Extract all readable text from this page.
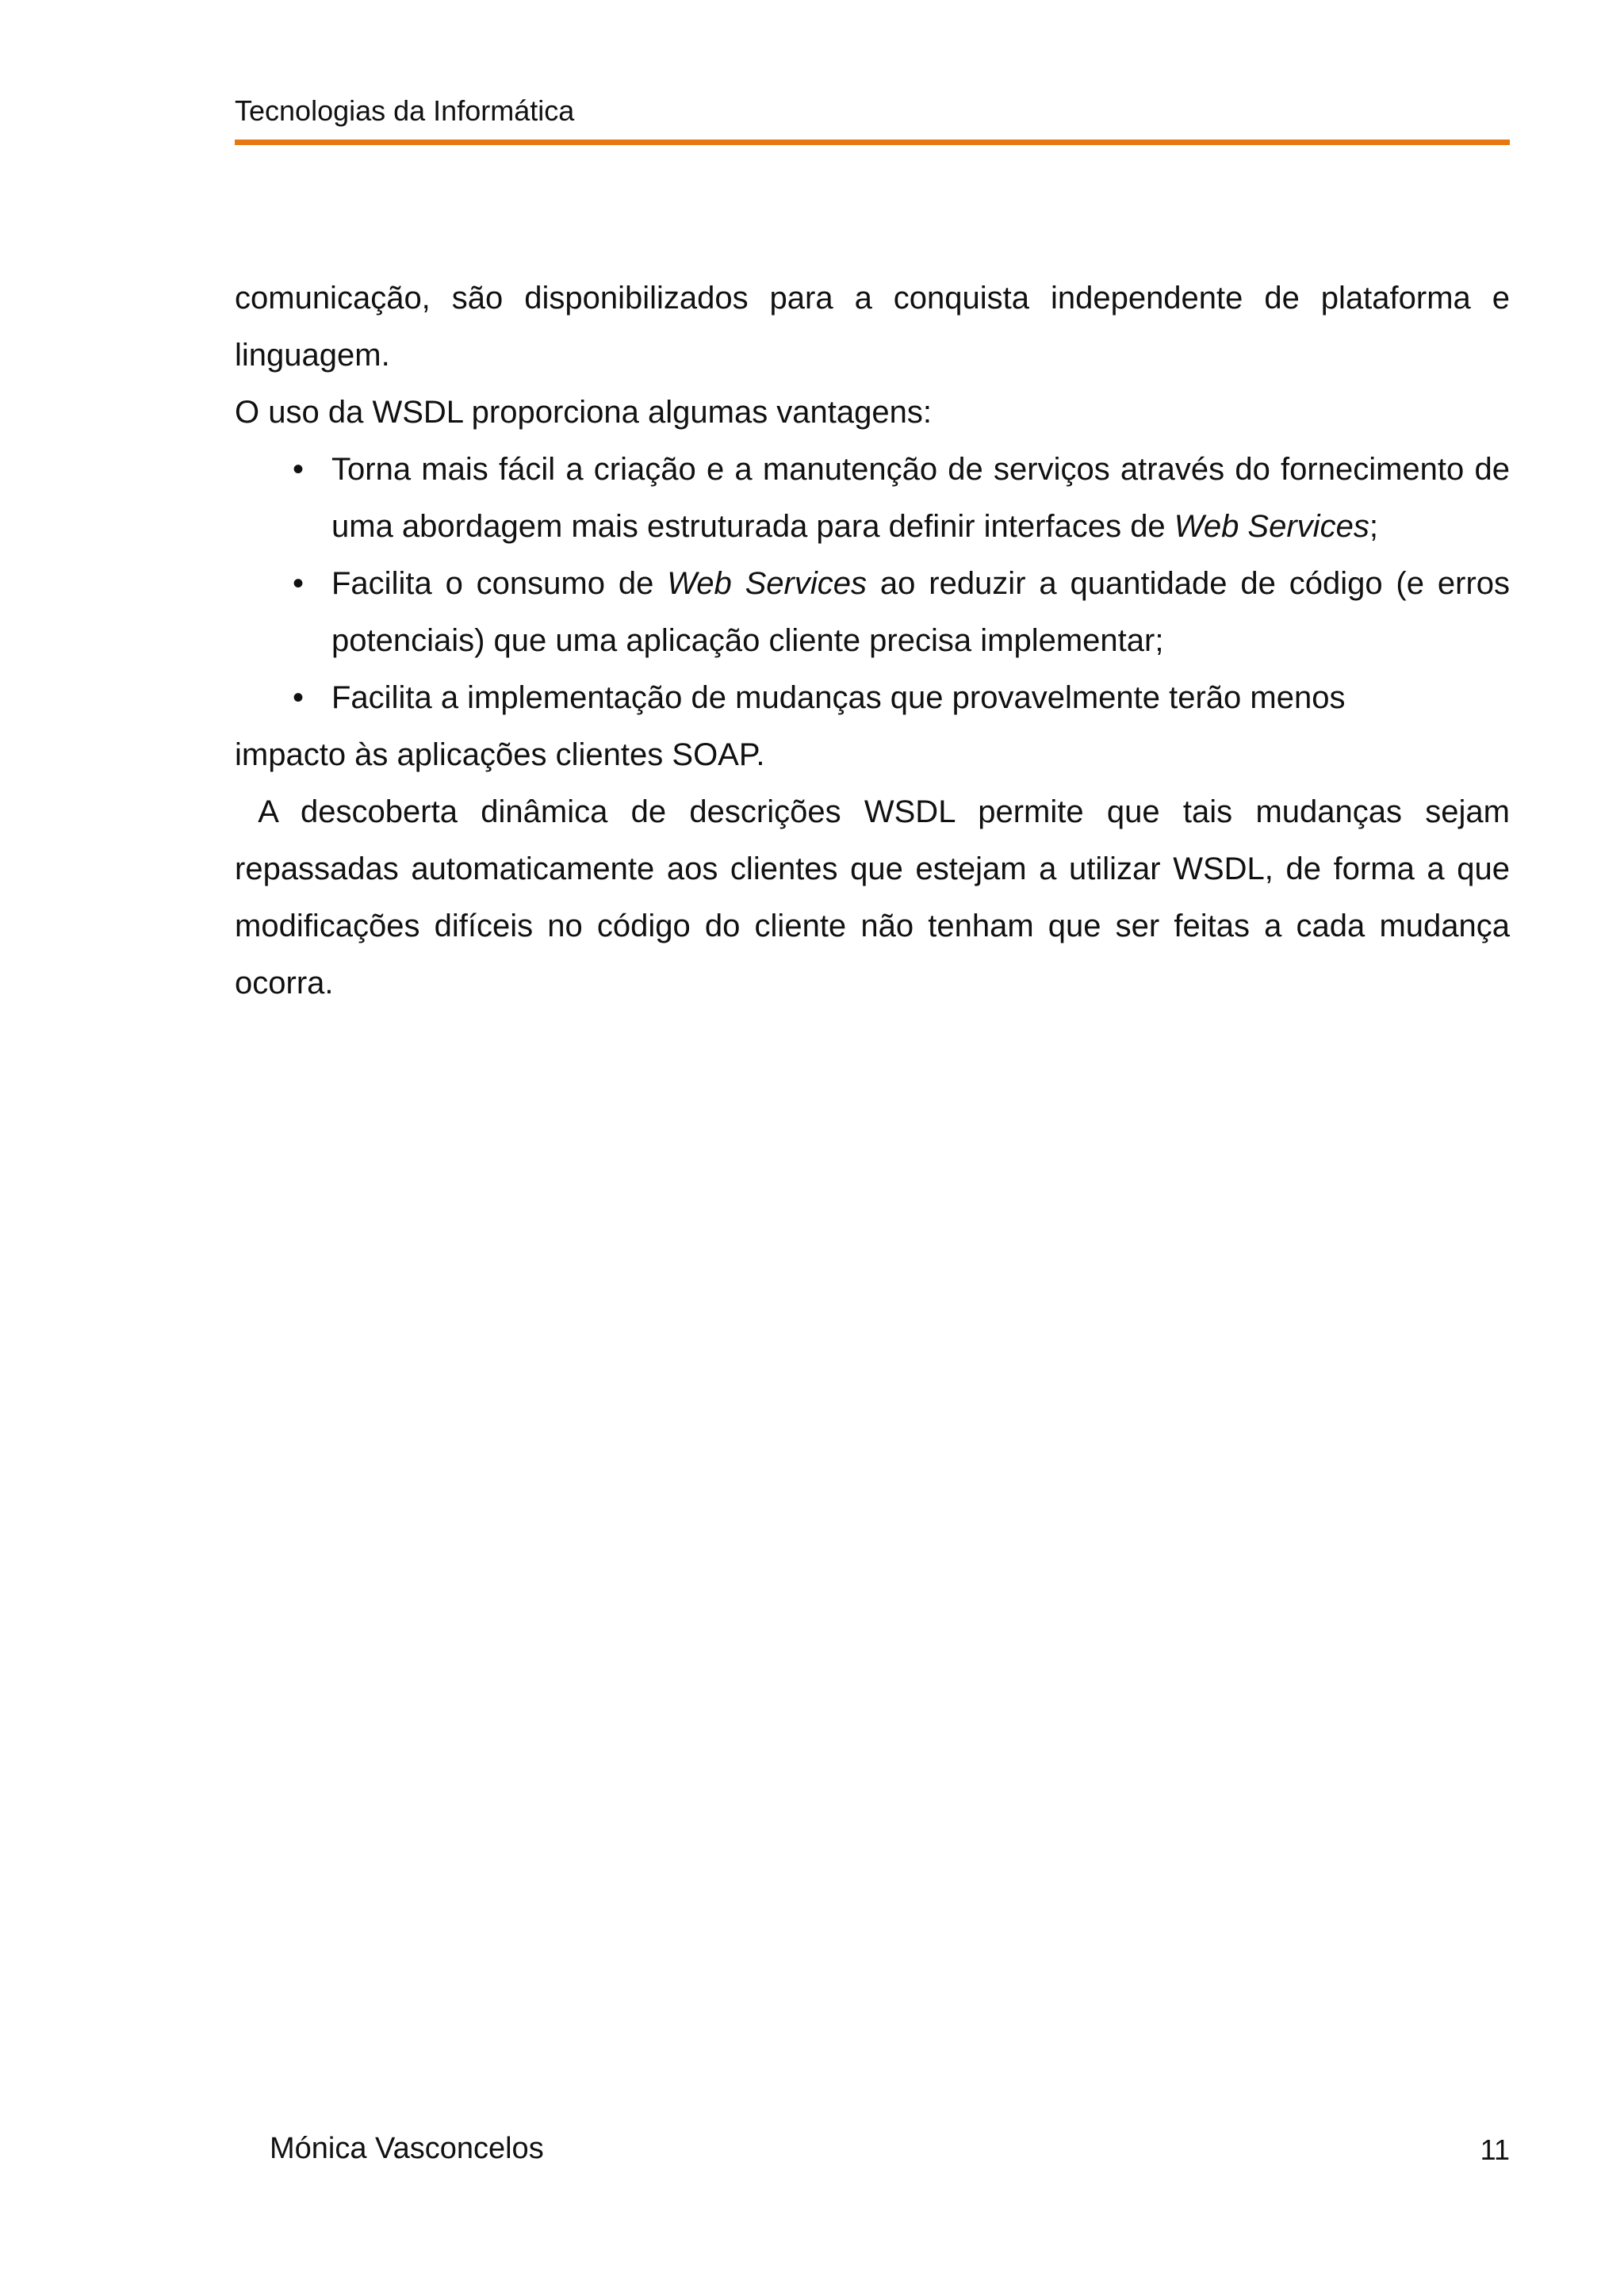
Tecnologias da Informática

comunicação, são disponibilizados para a conquista independente de plataforma e linguagem.

O uso da WSDL proporciona algumas vantagens:

• Torna mais fácil a criação e a manutenção de serviços através do fornecimento de uma abordagem mais estruturada para definir interfaces de Web Services;
• Facilita o consumo de Web Services ao reduzir a quantidade de código (e erros potenciais) que uma aplicação cliente precisa implementar;
• Facilita a implementação de mudanças que provavelmente terão menos

impacto às aplicações clientes SOAP.

A descoberta dinâmica de descrições WSDL permite que tais mudanças sejam repassadas automaticamente aos clientes que estejam a utilizar WSDL, de forma a que modificações difíceis no código do cliente não tenham que ser feitas a cada mudança ocorra.

Mónica Vasconcelos	11
